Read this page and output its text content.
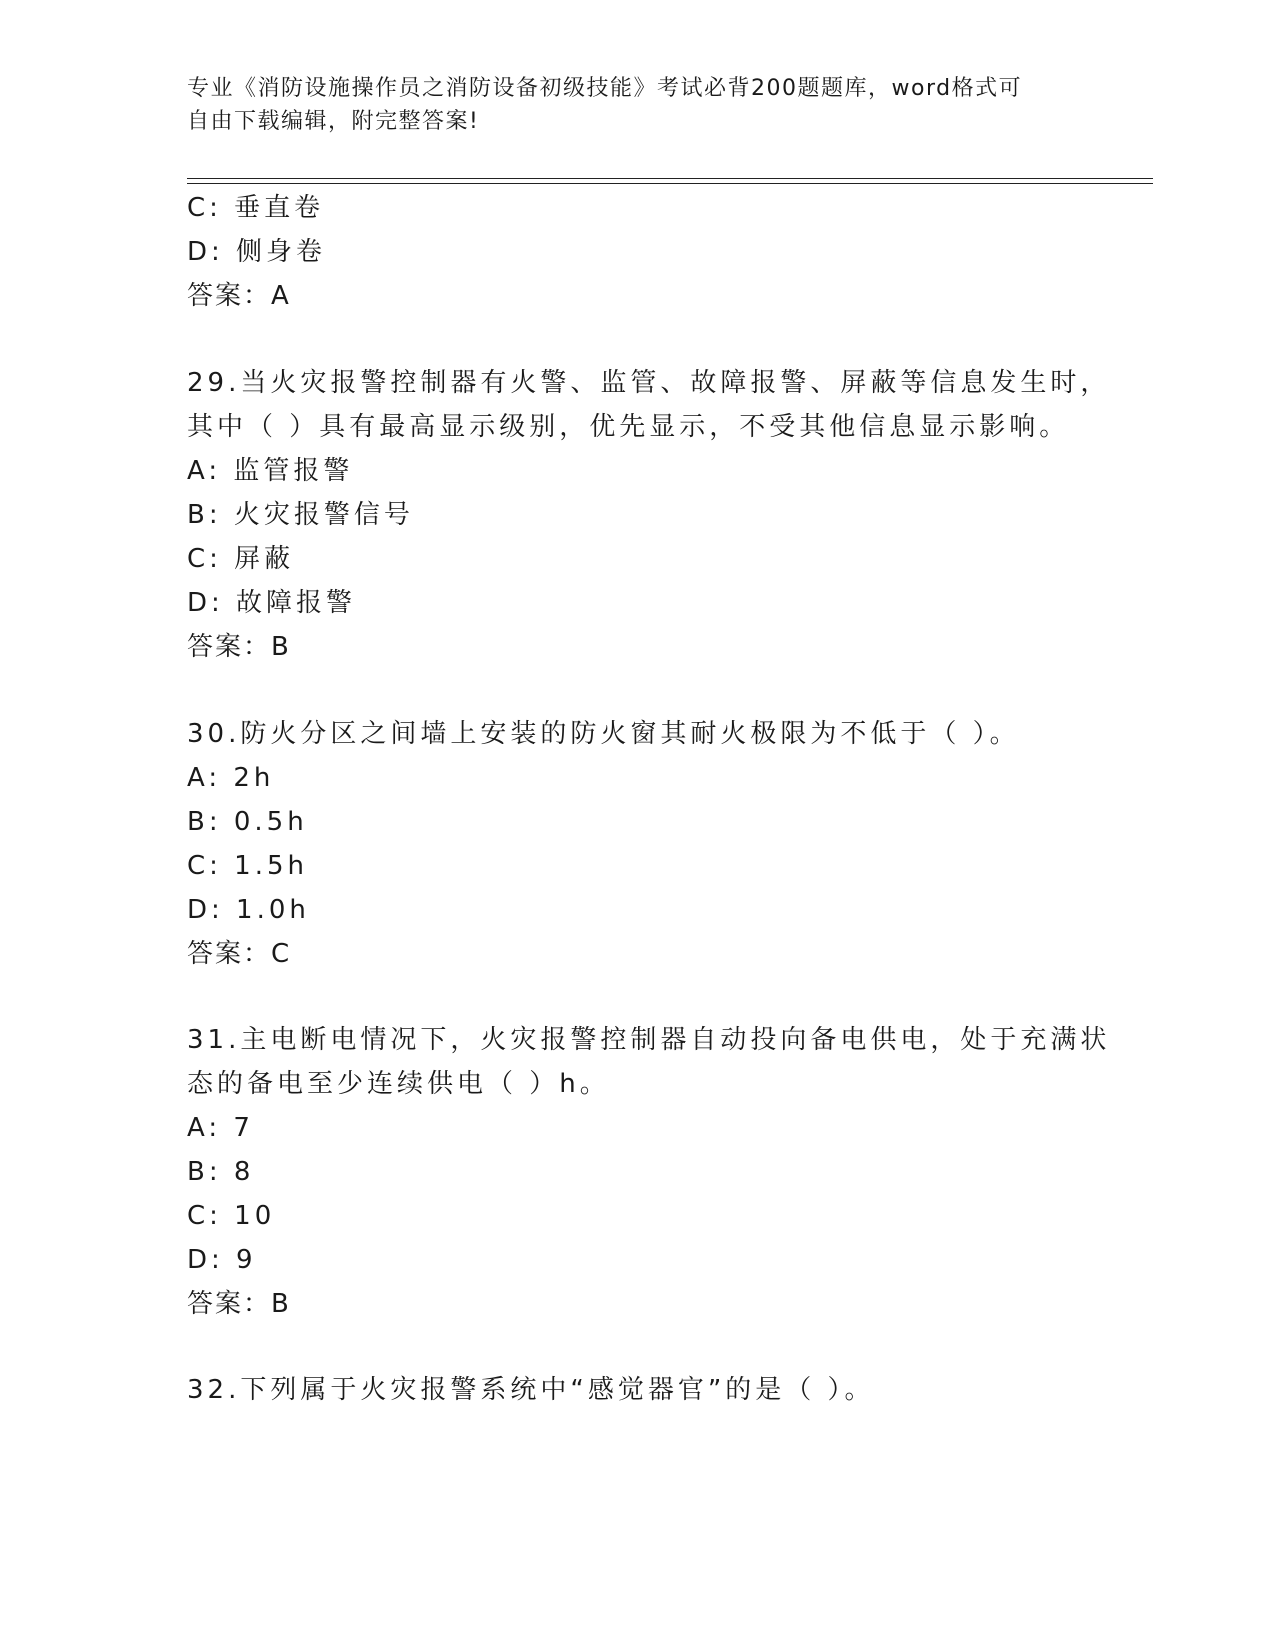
专业《消防设施操作员之消防设备初级技能》考试必背200题题库，word格式可

自由下载编辑，附完整答案!

C: 垂直卷

D: 侧身卷

答案：A

29.当火灾报警控制器有火警、监管、故障报警、屏蔽等信息发生时，

其中（ ）具有最高显示级别，优先显示，不受其他信息显示影响。

A: 监管报警

B: 火灾报警信号

C: 屏蔽

D: 故障报警

答案：B

30.防火分区之间墙上安装的防火窗其耐火极限为不低于（ ）。

A: 2h

B: 0.5h

C: 1.5h

D: 1.0h

答案：C

31.主电断电情况下，火灾报警控制器自动投向备电供电，处于充满状

态的备电至少连续供电（ ）h。

A: 7

B: 8

C: 10

D: 9

答案：B

32.下列属于火灾报警系统中“感觉器官”的是（ ）。
